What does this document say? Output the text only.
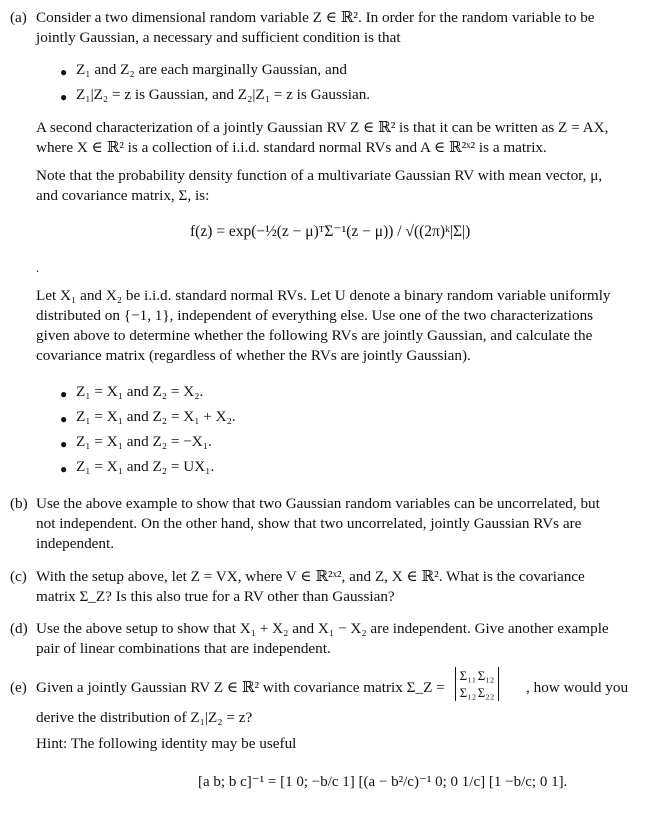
(a) Consider a two dimensional random variable Z ∈ ℝ². In order for the random variable to be
jointly Gaussian, a necessary and sufficient condition is that
● Z₁ and Z₂ are each marginally Gaussian, and
● Z₁|Z₂ = z is Gaussian, and Z₂|Z₁ = z is Gaussian.
A second characterization of a jointly Gaussian RV Z ∈ ℝ² is that it can be written as Z = AX,
where X ∈ ℝ² is a collection of i.i.d. standard normal RVs and A ∈ ℝ²ˣ² is a matrix.
Note that the probability density function of a multivariate Gaussian RV with mean vector, μ,
and covariance matrix, Σ, is:
f(z) = exp(−½(z − μ)ᵀΣ⁻¹(z − μ)) / √((2π)ᵏ|Σ|)
.
Let X₁ and X₂ be i.i.d. standard normal RVs. Let U denote a binary random variable uniformly
distributed on {−1, 1}, independent of everything else. Use one of the two characterizations
given above to determine whether the following RVs are jointly Gaussian, and calculate the
covariance matrix (regardless of whether the RVs are jointly Gaussian).
● Z₁ = X₁ and Z₂ = X₂.
● Z₁ = X₁ and Z₂ = X₁ + X₂.
● Z₁ = X₁ and Z₂ = −X₁.
● Z₁ = X₁ and Z₂ = UX₁.
(b) Use the above example to show that two Gaussian random variables can be uncorrelated, but
not independent. On the other hand, show that two uncorrelated, jointly Gaussian RVs are
independent.
(c) With the setup above, let Z = VX, where V ∈ ℝ²ˣ², and Z, X ∈ ℝ². What is the covariance
matrix Σ_Z? Is this also true for a RV other than Gaussian?
(d) Use the above setup to show that X₁ + X₂ and X₁ − X₂ are independent. Give another example
pair of linear combinations that are independent.
(e) Given a jointly Gaussian RV Z ∈ ℝ² with covariance matrix Σ_Z =
Σ₁₁Σ₁₂
Σ₁₂Σ₂₂	, how would you
derive the distribution of Z₁|Z₂ = z?
Hint: The following identity may be useful
[a b; b c]⁻¹ = [1 0; −b/c 1] [(a − b²/c)⁻¹ 0; 0 1/c] [1 −b/c; 0 1].
